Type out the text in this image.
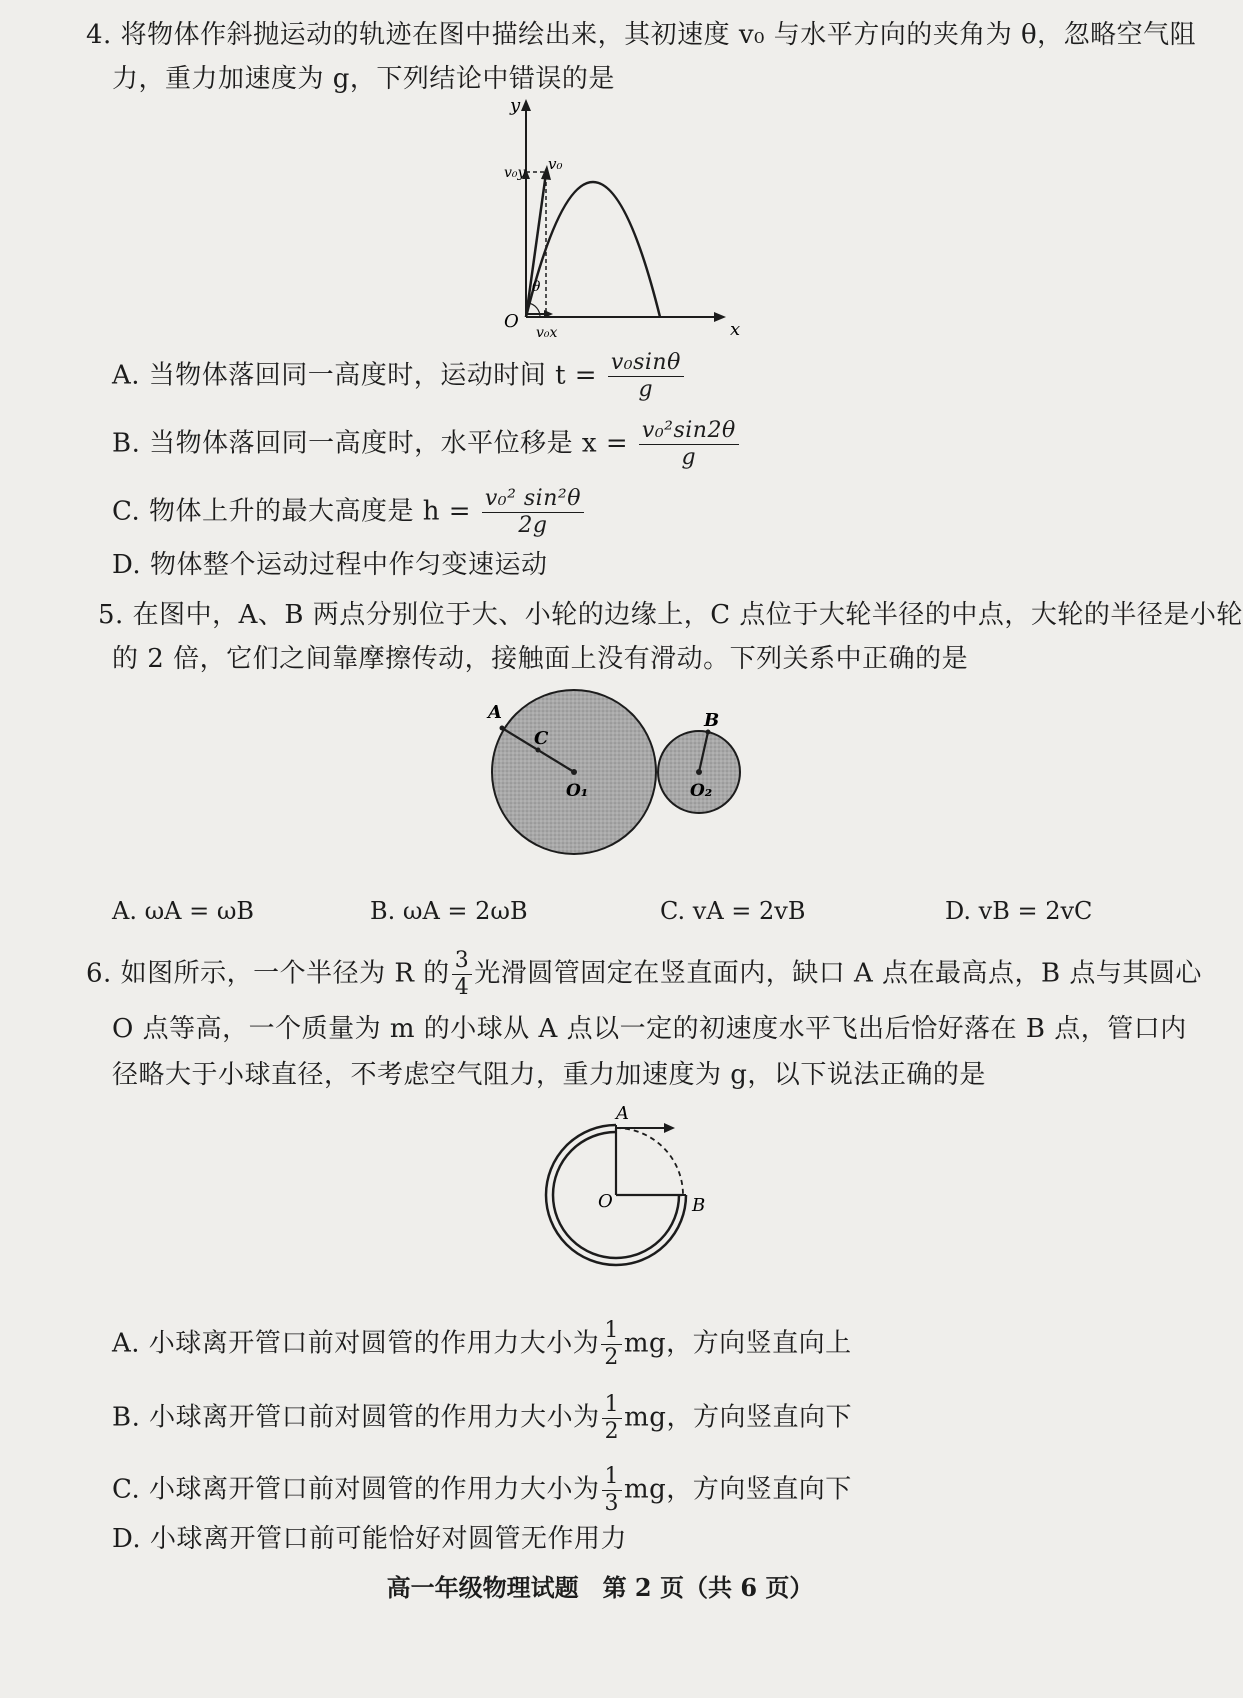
4. 将物体作斜抛运动的轨迹在图中描绘出来，其初速度 v₀ 与水平方向的夹角为 θ，忽略空气阻
力，重力加速度为 g，下列结论中错误的是
y
x
O
v₀y v₀
v₀x
θ
A. 当物体落回同一高度时，运动时间 $t = \frac{\text{v₀sinθ}}{g}$
B. 当物体落回同一高度时，水平位移是 $x = \frac{\text{v₀²sin2θ}}{g}$
C. 物体上升的最大高度是 $h = \frac{\text{v₀² sin²θ}}{2g}$
D. 物体整个运动过程中作匀变速运动
5. 在图中，A、B 两点分别位于大、小轮的边缘上，C 点位于大轮半径的中点，大轮的半径是小轮
的 2 倍，它们之间靠摩擦传动，接触面上没有滑动。下列关系中正确的是
A
C
O₁
B
O₂
A. ωA = ωB	B. ωA = 2ωB	C. vA = 2vB	D. vB = 2vC
6. 如图所示，一个半径为 R 的 $\frac{3}{4}$ 光滑圆管固定在竖直面内，缺口 A 点在最高点，B 点与其圆心
O 点等高，一个质量为 m 的小球从 A 点以一定的初速度水平飞出后恰好落在 B 点，管口内
径略大于小球直径，不考虑空气阻力，重力加速度为 g，以下说法正确的是
A
O	B
A. 小球离开管口前对圆管的作用力大小为 $\frac{1}{2}$ mg，方向竖直向上
B. 小球离开管口前对圆管的作用力大小为 $\frac{1}{2}$ mg，方向竖直向下
C. 小球离开管口前对圆管的作用力大小为 $\frac{1}{3}$ mg，方向竖直向下
D. 小球离开管口前可能恰好对圆管无作用力
高一年级物理试题　第 2 页（共 6 页）
